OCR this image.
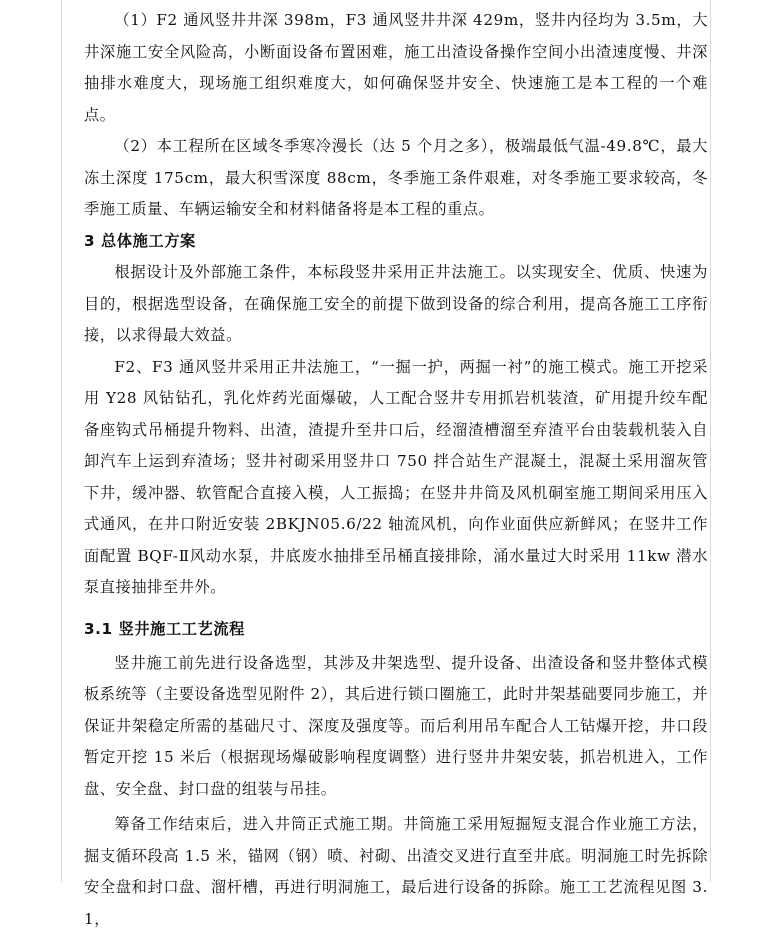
（1）F2 通风竖井井深 398m，F3 通风竖井井深 429m，竖井内径均为 3.5m，大井深施工安全风险高，小断面设备布置困难，施工出渣设备操作空间小出渣速度慢、井深抽排水难度大，现场施工组织难度大，如何确保竖井安全、快速施工是本工程的一个难点。

（2）本工程所在区域冬季寒冷漫长（达 5 个月之多），极端最低气温-49.8℃，最大冻土深度 175cm，最大积雪深度 88cm，冬季施工条件艰难，对冬季施工要求较高，冬季施工质量、车辆运输安全和材料储备将是本工程的重点。

3 总体施工方案

根据设计及外部施工条件，本标段竖井采用正井法施工。以实现安全、优质、快速为目的，根据选型设备，在确保施工安全的前提下做到设备的综合利用，提高各施工工序衔接，以求得最大效益。

F2、F3 通风竖井采用正井法施工，“一掘一护，两掘一衬”的施工模式。施工开挖采用 Y28 风钻钻孔，乳化炸药光面爆破，人工配合竖井专用抓岩机装渣，矿用提升绞车配备座钩式吊桶提升物料、出渣，渣提升至井口后，经溜渣槽溜至弃渣平台由装载机装入自卸汽车上运到弃渣场；竖井衬砌采用竖井口 750 拌合站生产混凝土，混凝土采用溜灰管下井，缓冲器、软管配合直接入模，人工振捣；在竖井井筒及风机硐室施工期间采用压入式通风，在井口附近安装 2BKJN05.6/22 轴流风机，向作业面供应新鲜风；在竖井工作面配置 BQF-Ⅱ风动水泵，井底废水抽排至吊桶直接排除，涌水量过大时采用 11kw 潜水泵直接抽排至井外。

3.1 竖井施工工艺流程

竖井施工前先进行设备选型，其涉及井架选型、提升设备、出渣设备和竖井整体式模板系统等（主要设备选型见附件 2），其后进行锁口圈施工，此时井架基础要同步施工，并保证井架稳定所需的基础尺寸、深度及强度等。而后利用吊车配合人工钻爆开挖，井口段暂定开挖 15 米后（根据现场爆破影响程度调整）进行竖井井架安装，抓岩机进入，工作盘、安全盘、封口盘的组装与吊挂。

筹备工作结束后，进入井筒正式施工期。井筒施工采用短掘短支混合作业施工方法，掘支循环段高 1.5 米，锚网（钢）喷、衬砌、出渣交叉进行直至井底。明洞施工时先拆除安全盘和封口盘、溜杆槽，再进行明洞施工，最后进行设备的拆除。施工工艺流程见图 3.1，
